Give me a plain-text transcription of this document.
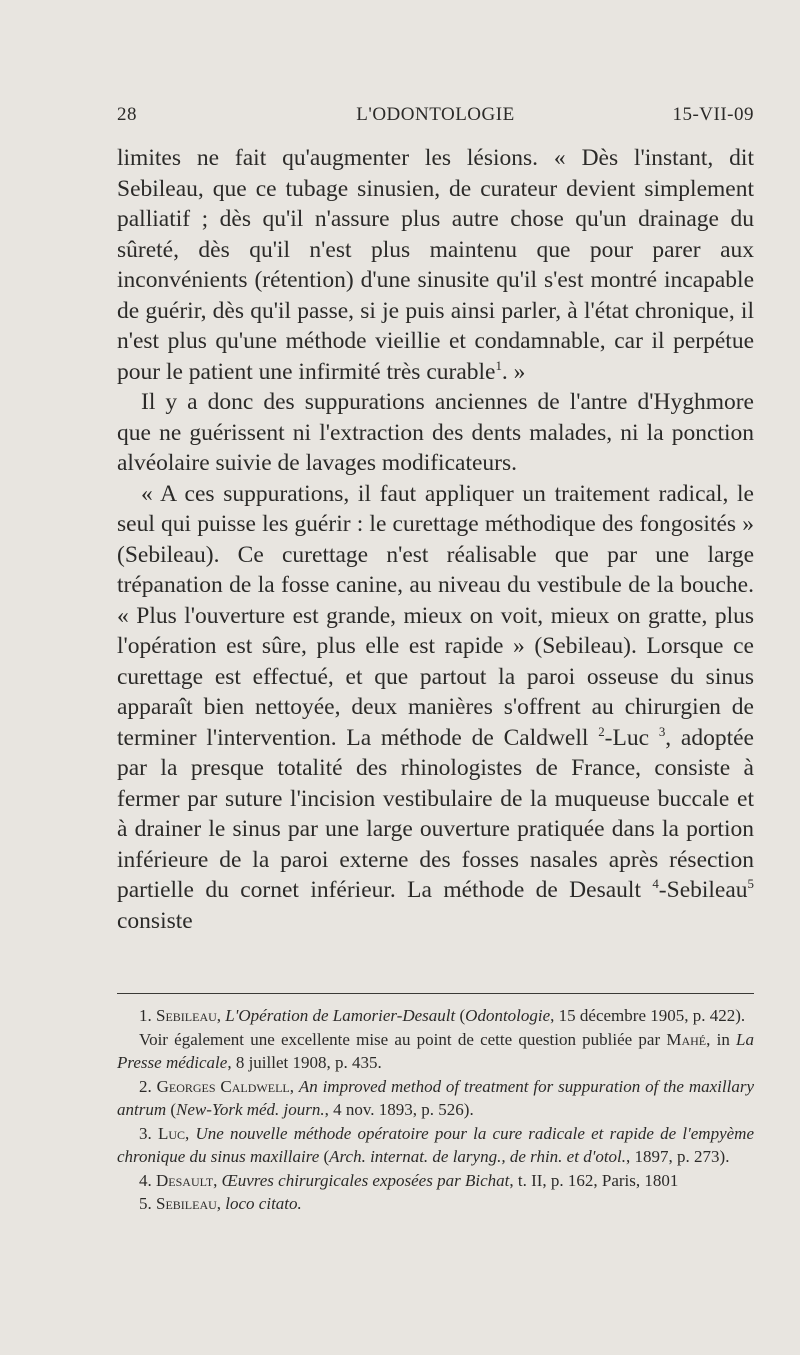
L'ODONTOLOGIE
28	15-VII-09

limites ne fait qu'augmenter les lésions. « Dès l'instant, dit Sebileau, que ce tubage sinusien, de curateur devient simplement palliatif ; dès qu'il n'assure plus autre chose qu'un drainage du sûreté, dès qu'il n'est plus maintenu que pour parer aux inconvénients (rétention) d'une sinusite qu'il s'est montré incapable de guérir, dès qu'il passe, si je puis ainsi parler, à l'état chronique, il n'est plus qu'une méthode vieillie et condamnable, car il perpétue pour le patient une infirmité très curable$^1$. »

Il y a donc des suppurations anciennes de l'antre d'Hyghmore que ne guérissent ni l'extraction des dents malades, ni la ponction alvéolaire suivie de lavages modificateurs.

« A ces suppurations, il faut appliquer un traitement radical, le seul qui puisse les guérir : le curettage méthodique des fongosités » (Sebileau). Ce curettage n'est réalisable que par une large trépanation de la fosse canine, au niveau du vestibule de la bouche. « Plus l'ouverture est grande, mieux on voit, mieux on gratte, plus l'opération est sûre, plus elle est rapide » (Sebileau). Lorsque ce curettage est effectué, et que partout la paroi osseuse du sinus apparaît bien nettoyée, deux manières s'offrent au chirurgien de terminer l'intervention. La méthode de Caldwell $^2$-Luc $^3$, adoptée par la presque totalité des rhinologistes de France, consiste à fermer par suture l'incision vestibulaire de la muqueuse buccale et à drainer le sinus par une large ouverture pratiquée dans la portion inférieure de la paroi externe des fosses nasales après résection partielle du cornet inférieur. La méthode de Desault $^4$-Sebileau$^5$ consiste

1. Sebileau, L'Opération de Lamorier-Desault (Odontologie, 15 décembre 1905, p. 422).

Voir également une excellente mise au point de cette question publiée par Mahé, in La Presse médicale, 8 juillet 1908, p. 435.

2. Georges Caldwell, An improved method of treatment for suppuration of the maxillary antrum (New-York méd. journ., 4 nov. 1893, p. 526).

3. Luc, Une nouvelle méthode opératoire pour la cure radicale et rapide de l'empyème chronique du sinus maxillaire (Arch. internat. de laryng., de rhin. et d'otol., 1897, p. 273).

4. Desault, Œuvres chirurgicales exposées par Bichat, t. II, p. 162, Paris, 1801

5. Sebileau, loco citato.
